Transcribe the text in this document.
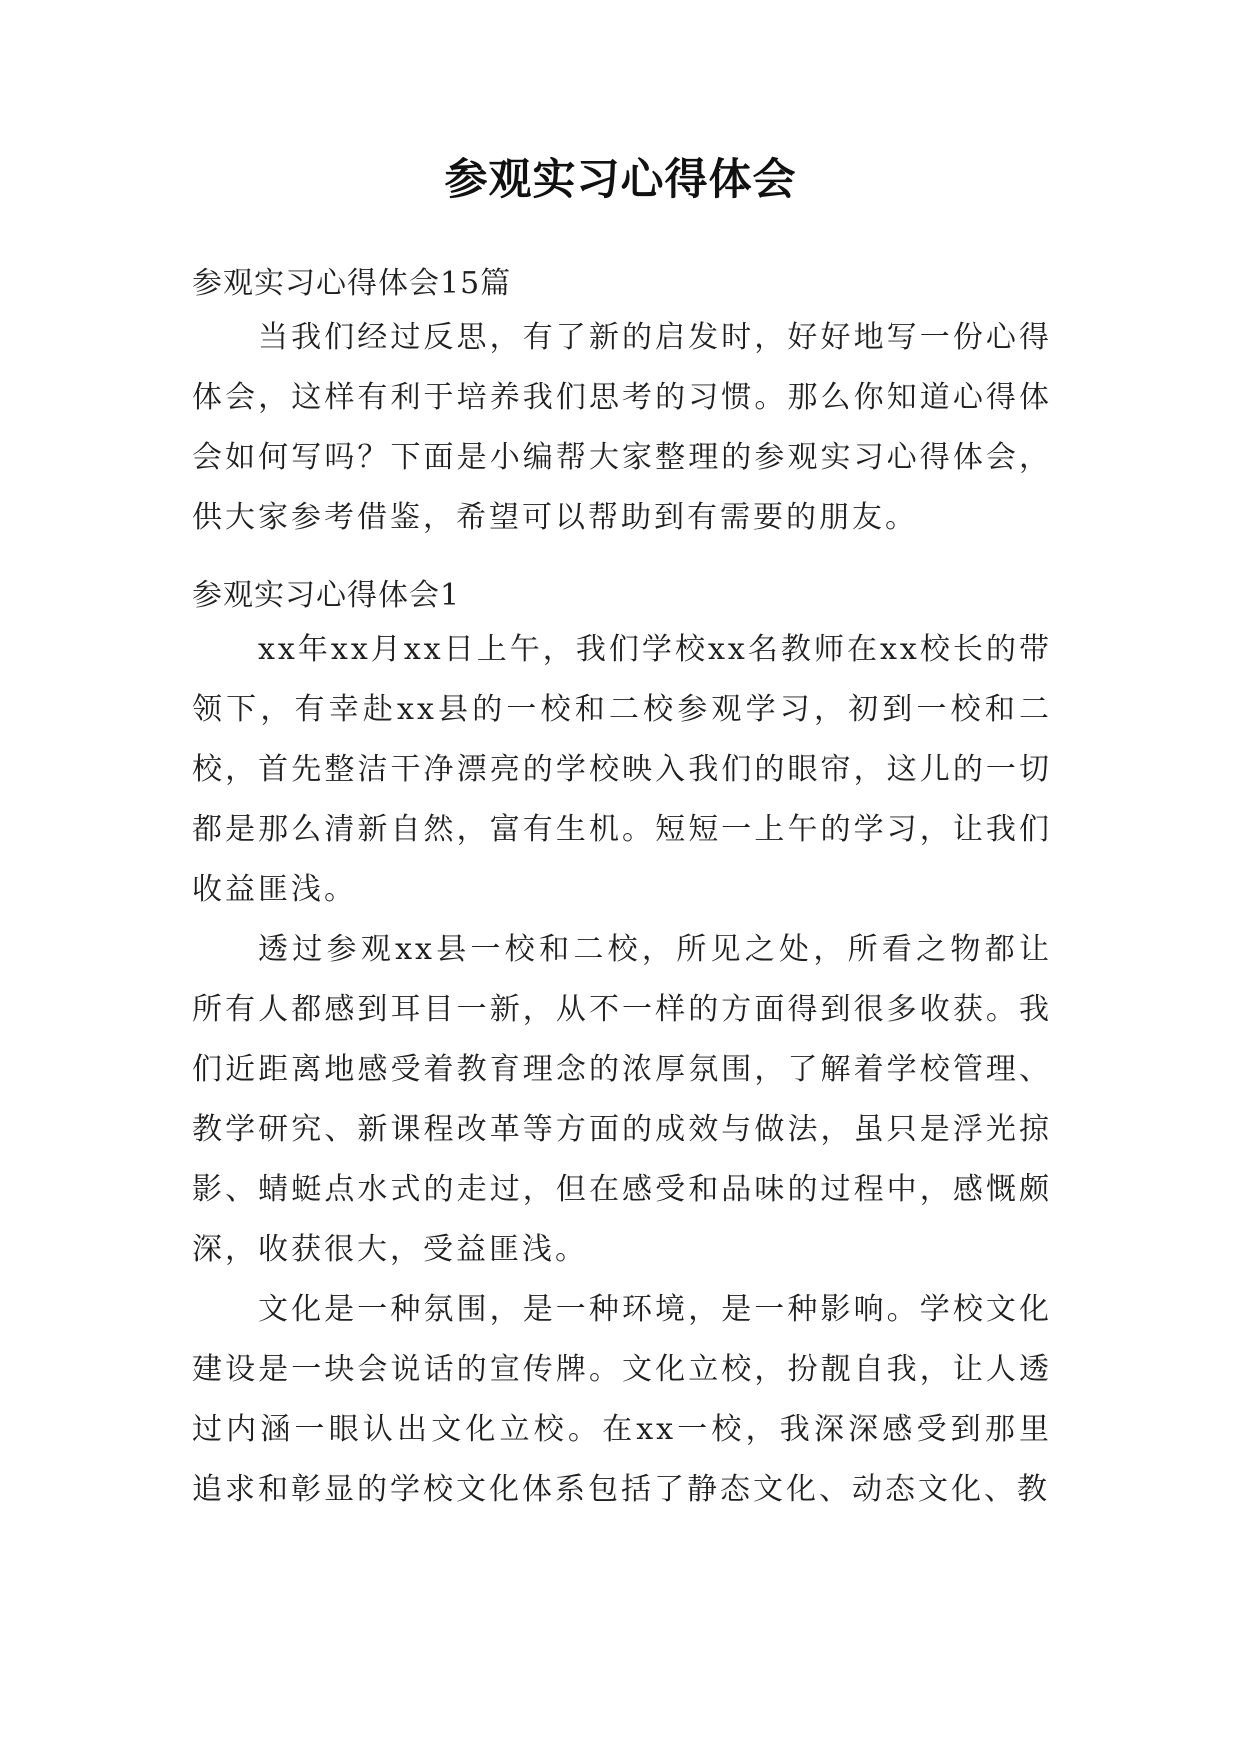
参观实习心得体会
参观实习心得体会15篇

当我们经过反思，有了新的启发时，好好地写一份心得体会，这样有利于培养我们思考的习惯。那么你知道心得体会如何写吗？下面是小编帮大家整理的参观实习心得体会，供大家参考借鉴，希望可以帮助到有需要的朋友。

参观实习心得体会1

xx年xx月xx日上午，我们学校xx名教师在xx校长的带领下，有幸赴xx县的一校和二校参观学习，初到一校和二校，首先整洁干净漂亮的学校映入我们的眼帘，这儿的一切都是那么清新自然，富有生机。短短一上午的学习，让我们收益匪浅。

透过参观xx县一校和二校，所见之处，所看之物都让所有人都感到耳目一新，从不一样的方面得到很多收获。我们近距离地感受着教育理念的浓厚氛围，了解着学校管理、教学研究、新课程改革等方面的成效与做法，虽只是浮光掠影、蜻蜓点水式的走过，但在感受和品味的过程中，感慨颇深，收获很大，受益匪浅。

文化是一种氛围，是一种环境，是一种影响。学校文化建设是一块会说话的宣传牌。文化立校，扮靓自我，让人透过内涵一眼认出文化立校。在xx一校，我深深感受到那里追求和彰显的学校文化体系包括了静态文化、动态文化、教
